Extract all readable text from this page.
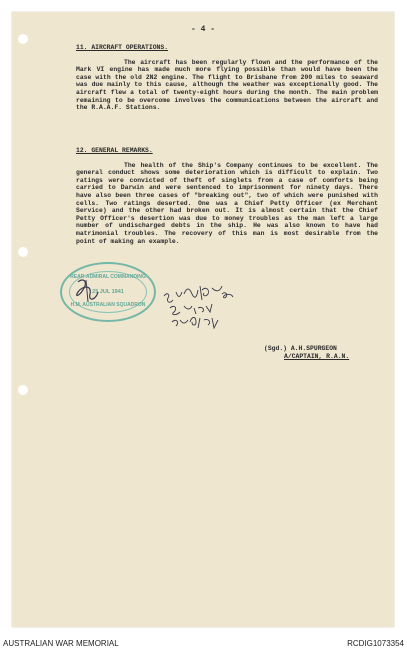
- 4 -
11. AIRCRAFT OPERATIONS.
The aircraft has been regularly flown and the performance of the Mark VI engine has made much more flying possible than would have been the case with the old 2N2 engine. The flight to Brisbane from 200 miles to seaward was due mainly to this cause, although the weather was exceptionally good. The aircraft flew a total of twenty-eight hours during the month. The main problem remaining to be overcome involves the communications between the aircraft and the R.A.A.F. Stations.
12. GENERAL REMARKS.
The health of the Ship's Company continues to be excellent. The general conduct shows some deterioration which is difficult to explain. Two ratings were convicted of theft of singlets from a case of comforts being carried to Darwin and were sentenced to imprisonment for ninety days. There have also been three cases of "breaking out", two of which were punished with cells. Two ratings deserted. One was a Chief Petty Officer (ex Merchant Service) and the other had broken out. It is almost certain that the Chief Petty Officer's desertion was due to money troubles as the man left a large number of undischarged debts in the ship. He was also known to have had matrimonial troubles. The recovery of this man is most desirable from the point of making an example.
REAR-ADMIRAL COMMANDING
25 JUL 1941
H.M. AUSTRALIAN SQUADRON
(Sgd.) A.H.SPURGEON
A/CAPTAIN, R.A.N.
AUSTRALIAN WAR MEMORIAL	RCDIG1073354
